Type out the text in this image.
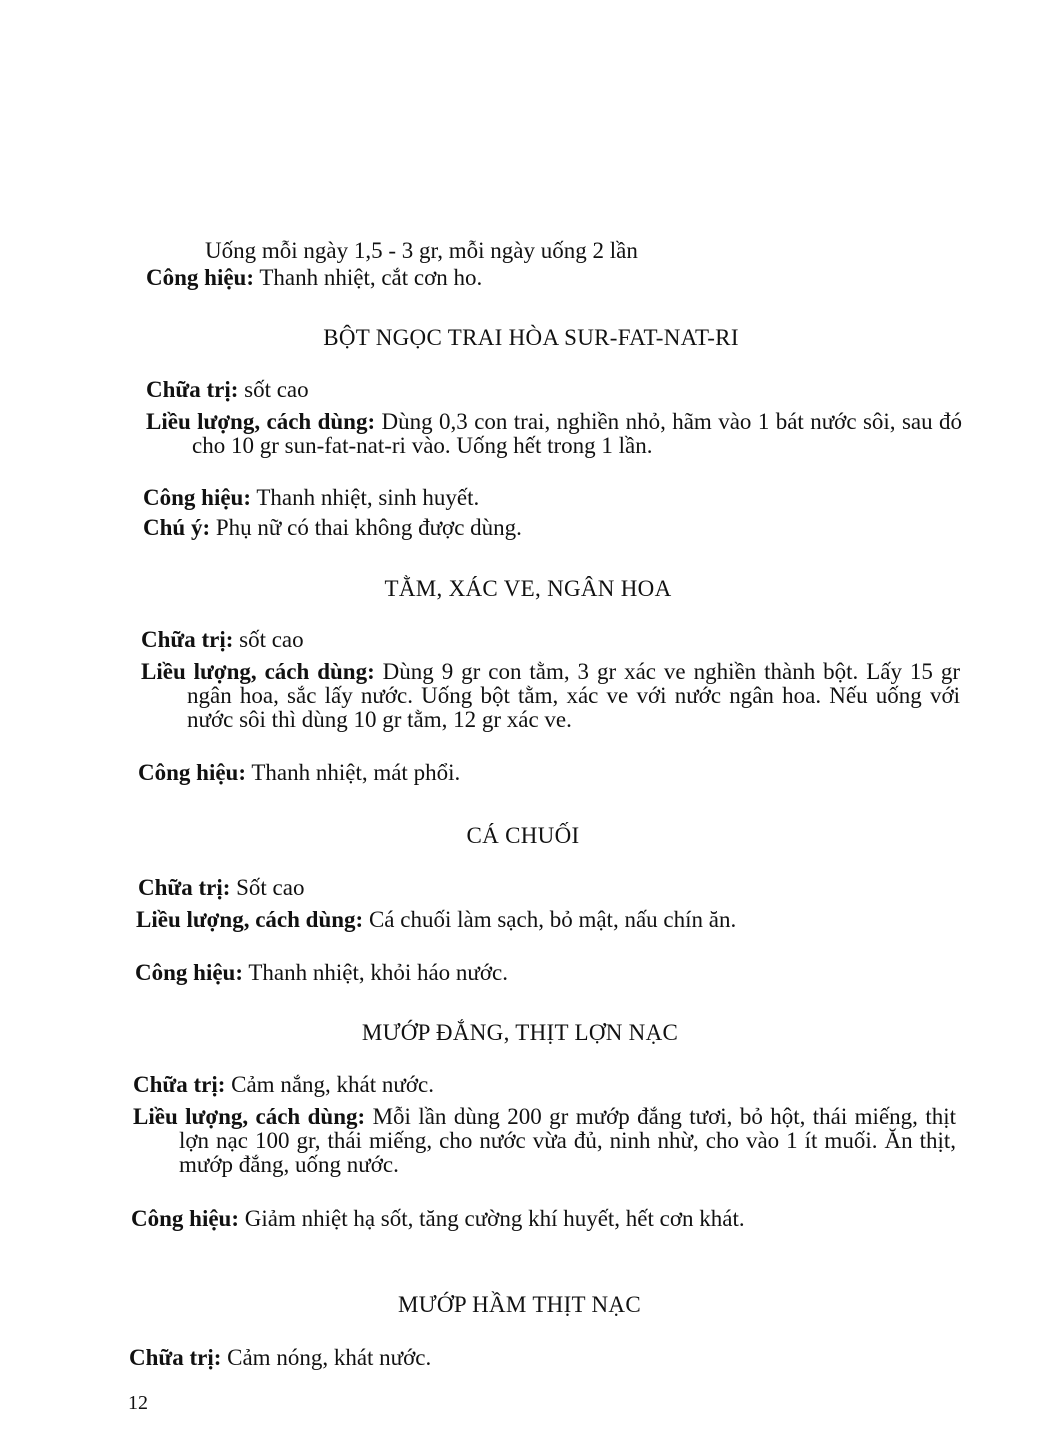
Uống mỗi ngày 1,5 - 3 gr, mỗi ngày uống 2 lần
Công hiệu: Thanh nhiệt, cắt cơn ho.
BỘT NGỌC TRAI HÒA SUR-FAT-NAT-RI
Chữa trị: sốt cao
Liều lượng, cách dùng: Dùng 0,3 con trai, nghiền nhỏ, hãm vào 1 bát nước sôi, sau đó cho 10 gr sun-fat-nat-ri vào. Uống hết trong 1 lần.
Công hiệu: Thanh nhiệt, sinh huyết.
Chú ý: Phụ nữ có thai không được dùng.
TẰM, XÁC VE, NGÂN HOA
Chữa trị: sốt cao
Liều lượng, cách dùng: Dùng 9 gr con tằm, 3 gr xác ve nghiền thành bột. Lấy 15 gr ngân hoa, sắc lấy nước. Uống bột tằm, xác ve với nước ngân hoa. Nếu uống với nước sôi thì dùng 10 gr tằm, 12 gr xác ve.
Công hiệu: Thanh nhiệt, mát phổi.
CÁ CHUỐI
Chữa trị: Sốt cao
Liều lượng, cách dùng: Cá chuối làm sạch, bỏ mật, nấu chín ăn.
Công hiệu: Thanh nhiệt, khỏi háo nước.
MƯỚP ĐẮNG, THỊT LỢN NẠC
Chữa trị: Cảm nắng, khát nước.
Liều lượng, cách dùng: Mỗi lần dùng 200 gr mướp đắng tươi, bỏ hột, thái miếng, thịt lợn nạc 100 gr, thái miếng, cho nước vừa đủ, ninh nhừ, cho vào 1 ít muối. Ăn thịt, mướp đắng, uống nước.
Công hiệu: Giảm nhiệt hạ sốt, tăng cường khí huyết, hết cơn khát.
MƯỚP HẦM THỊT NẠC
Chữa trị: Cảm nóng, khát nước.
12
